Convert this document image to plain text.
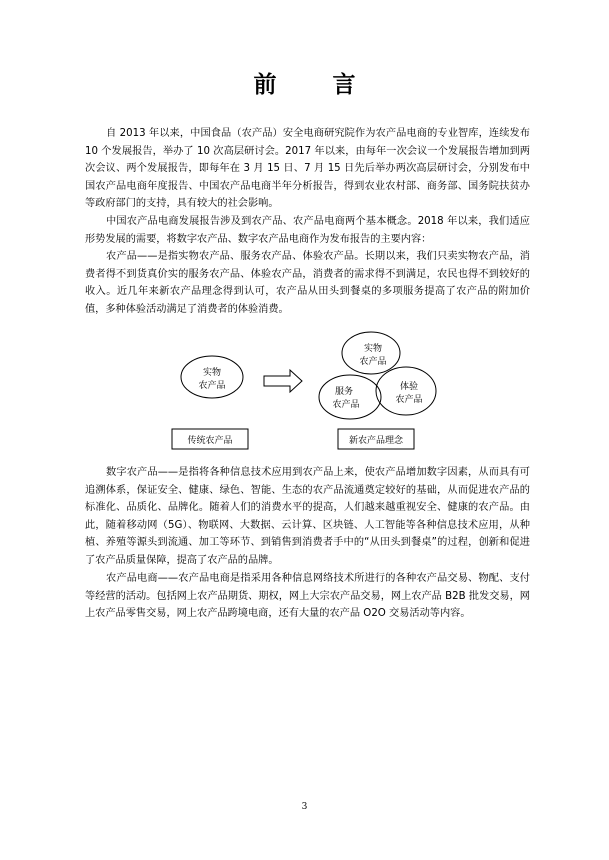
前 言

自 2013 年以来，中国食品（农产品）安全电商研究院作为农产品电商的专业智库，连续发布 10 个发展报告，举办了 10 次高层研讨会。2017 年以来，由每年一次会议一个发展报告增加到两次会议、两个发展报告，即每年在 3 月 15 日、7 月 15 日先后举办两次高层研讨会，分别发布中国农产品电商年度报告、中国农产品电商半年分析报告，得到农业农村部、商务部、国务院扶贫办等政府部门的支持，具有较大的社会影响。

中国农产品电商发展报告涉及到农产品、农产品电商两个基本概念。2018 年以来，我们适应形势发展的需要，将数字农产品、数字农产品电商作为发布报告的主要内容：

农产品——是指实物农产品、服务农产品、体验农产品。长期以来，我们只卖实物农产品，消费者得不到货真价实的服务农产品、体验农产品，消费者的需求得不到满足，农民也得不到较好的收入。近几年来新农产品理念得到认可，农产品从田头到餐桌的多项服务提高了农产品的附加价值，多种体验活动满足了消费者的体验消费。

实物
农产品
实物
农产品
服务
农产品
体验
农产品
传统农产品	新农产品理念

数字农产品——是指将各种信息技术应用到农产品上来，使农产品增加数字因素，从而具有可追溯体系，保证安全、健康、绿色、智能、生态的农产品流通奠定较好的基础，从而促进农产品的标准化、品质化、品牌化。随着人们的消费水平的提高，人们越来越重视安全、健康的农产品。由此，随着移动网（5G）、物联网、大数据、云计算、区块链、人工智能等各种信息技术应用，从种植、养殖等源头到流通、加工等环节、到销售到消费者手中的“从田头到餐桌”的过程，创新和促进了农产品质量保障，提高了农产品的品牌。

农产品电商——农产品电商是指采用各种信息网络技术所进行的各种农产品交易、物配、支付等经营的活动。包括网上农产品期货、期权，网上大宗农产品交易，网上农产品 B2B 批发交易，网上农产品零售交易，网上农产品跨境电商，还有大量的农产品 O2O 交易活动等内容。

3
